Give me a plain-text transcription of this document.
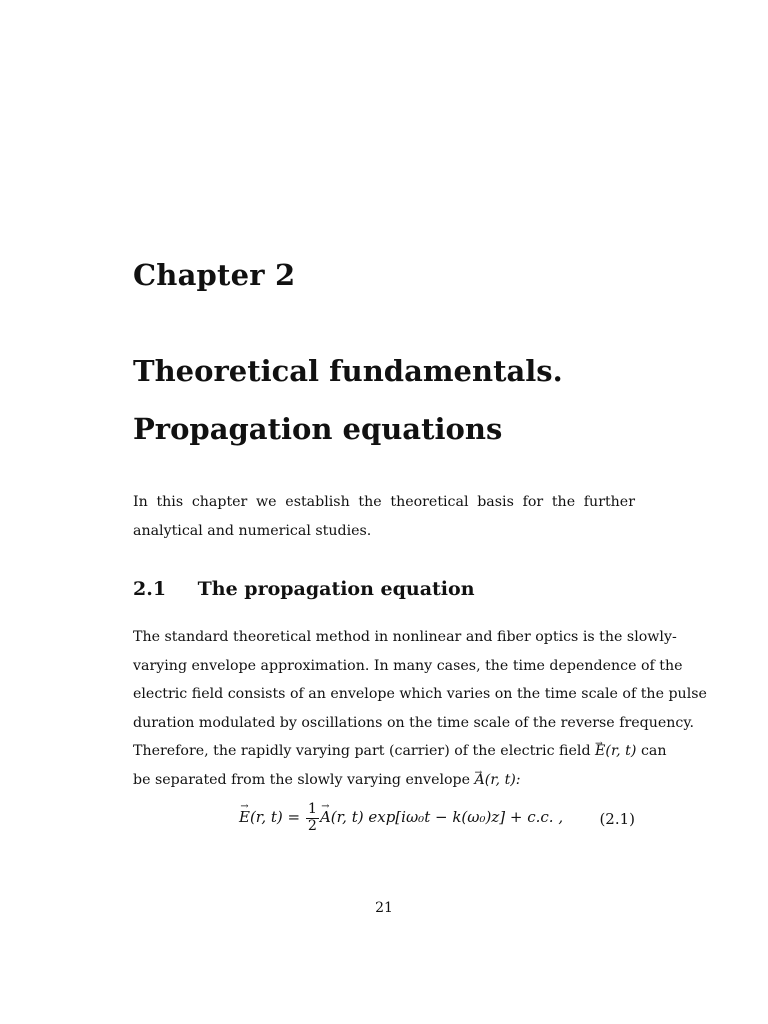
Chapter 2
Theoretical fundamentals.
Propagation equations

In this chapter we establish the theoretical basis for the further analytical and numerical studies.

2.1 The propagation equation
The standard theoretical method in nonlinear and fiber optics is the slowly-
varying envelope approximation. In many cases, the time dependence of the
electric field consists of an envelope which varies on the time scale of the pulse
duration modulated by oscillations on the time scale of the reverse frequency.
Therefore, the rapidly varying part (carrier) of the electric field → E(r, t) can
be separated from the slowly varying envelope → A(r, t):
→ E(r, $t) = \frac{1}{2}$
→ A(r, t) exp[iω₀t − k(ω₀)z] + c.c. , (2.1)
21
